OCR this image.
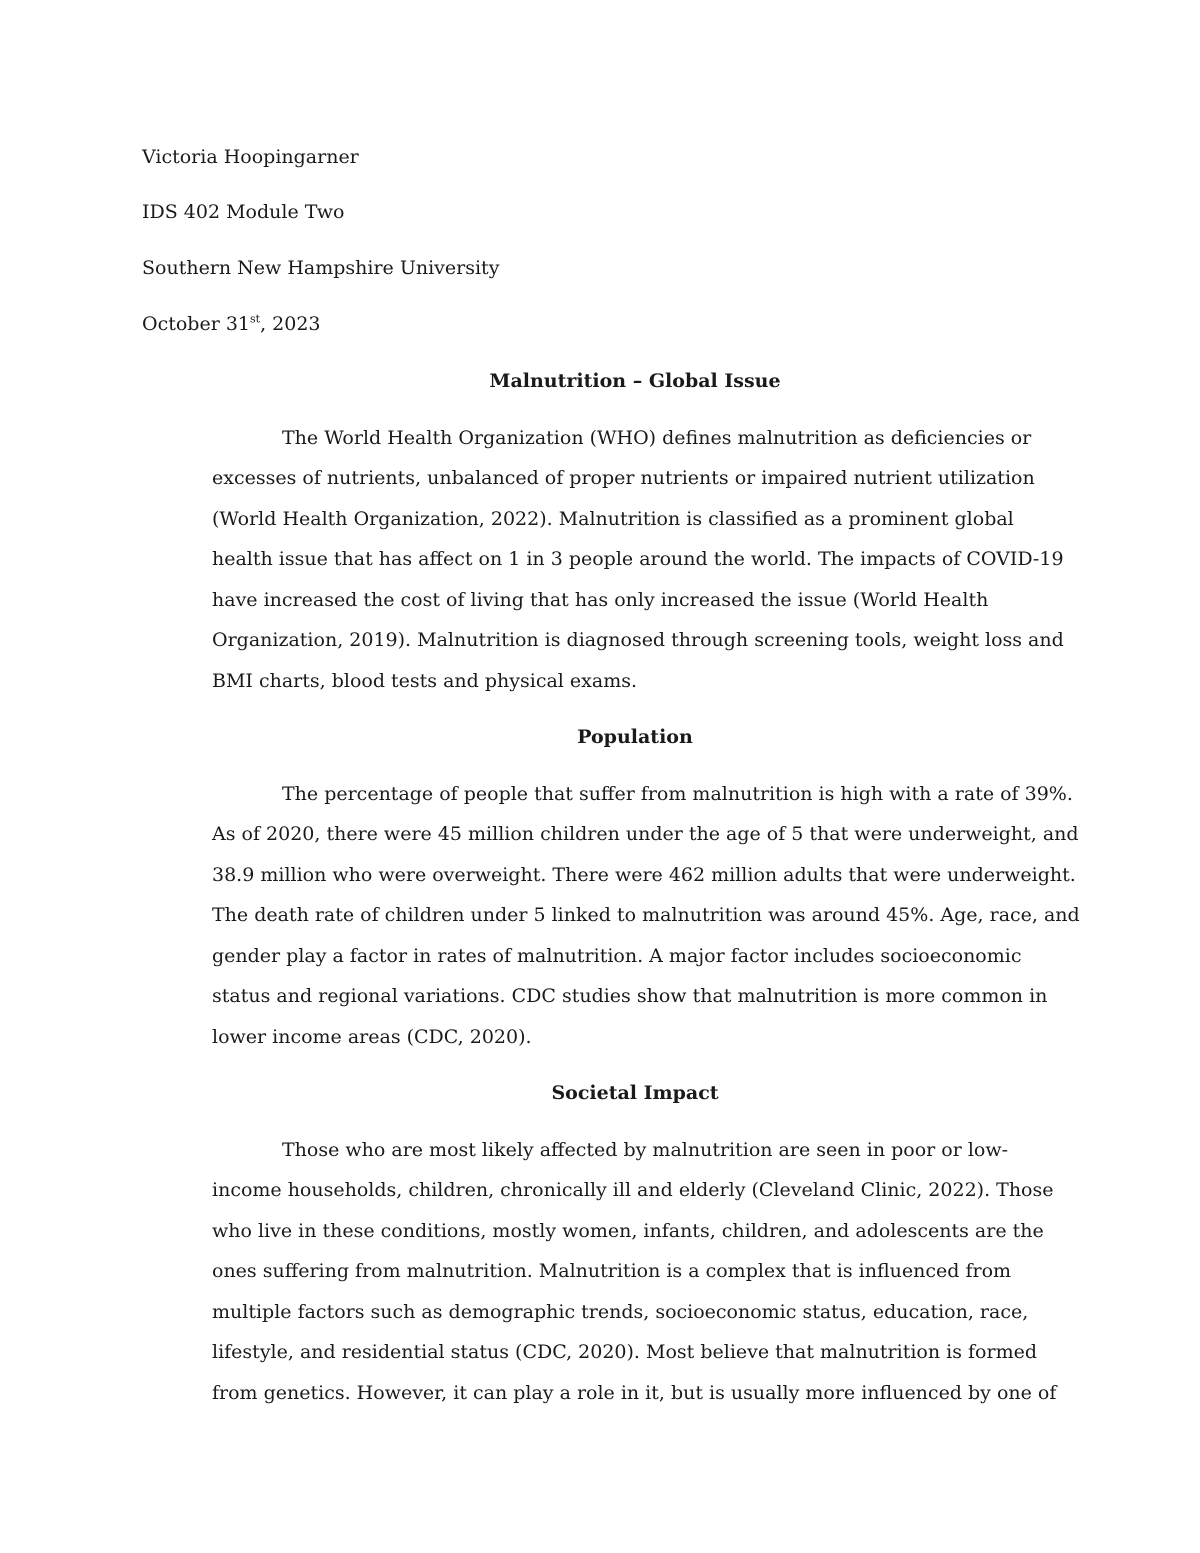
Victoria Hoopingarner
IDS 402 Module Two
Southern New Hampshire University
October 31st, 2023
Malnutrition – Global Issue
The World Health Organization (WHO) defines malnutrition as deficiencies or
excesses of nutrients, unbalanced of proper nutrients or impaired nutrient utilization
(World Health Organization, 2022). Malnutrition is classified as a prominent global
health issue that has affect on 1 in 3 people around the world. The impacts of COVID-19
have increased the cost of living that has only increased the issue (World Health
Organization, 2019). Malnutrition is diagnosed through screening tools, weight loss and
BMI charts, blood tests and physical exams.
Population
The percentage of people that suffer from malnutrition is high with a rate of 39%.
As of 2020, there were 45 million children under the age of 5 that were underweight, and
38.9 million who were overweight. There were 462 million adults that were underweight.
The death rate of children under 5 linked to malnutrition was around 45%. Age, race, and
gender play a factor in rates of malnutrition. A major factor includes socioeconomic
status and regional variations. CDC studies show that malnutrition is more common in
lower income areas (CDC, 2020).
Societal Impact
Those who are most likely affected by malnutrition are seen in poor or low-
income households, children, chronically ill and elderly (Cleveland Clinic, 2022). Those
who live in these conditions, mostly women, infants, children, and adolescents are the
ones suffering from malnutrition. Malnutrition is a complex that is influenced from
multiple factors such as demographic trends, socioeconomic status, education, race,
lifestyle, and residential status (CDC, 2020). Most believe that malnutrition is formed
from genetics. However, it can play a role in it, but is usually more influenced by one of
